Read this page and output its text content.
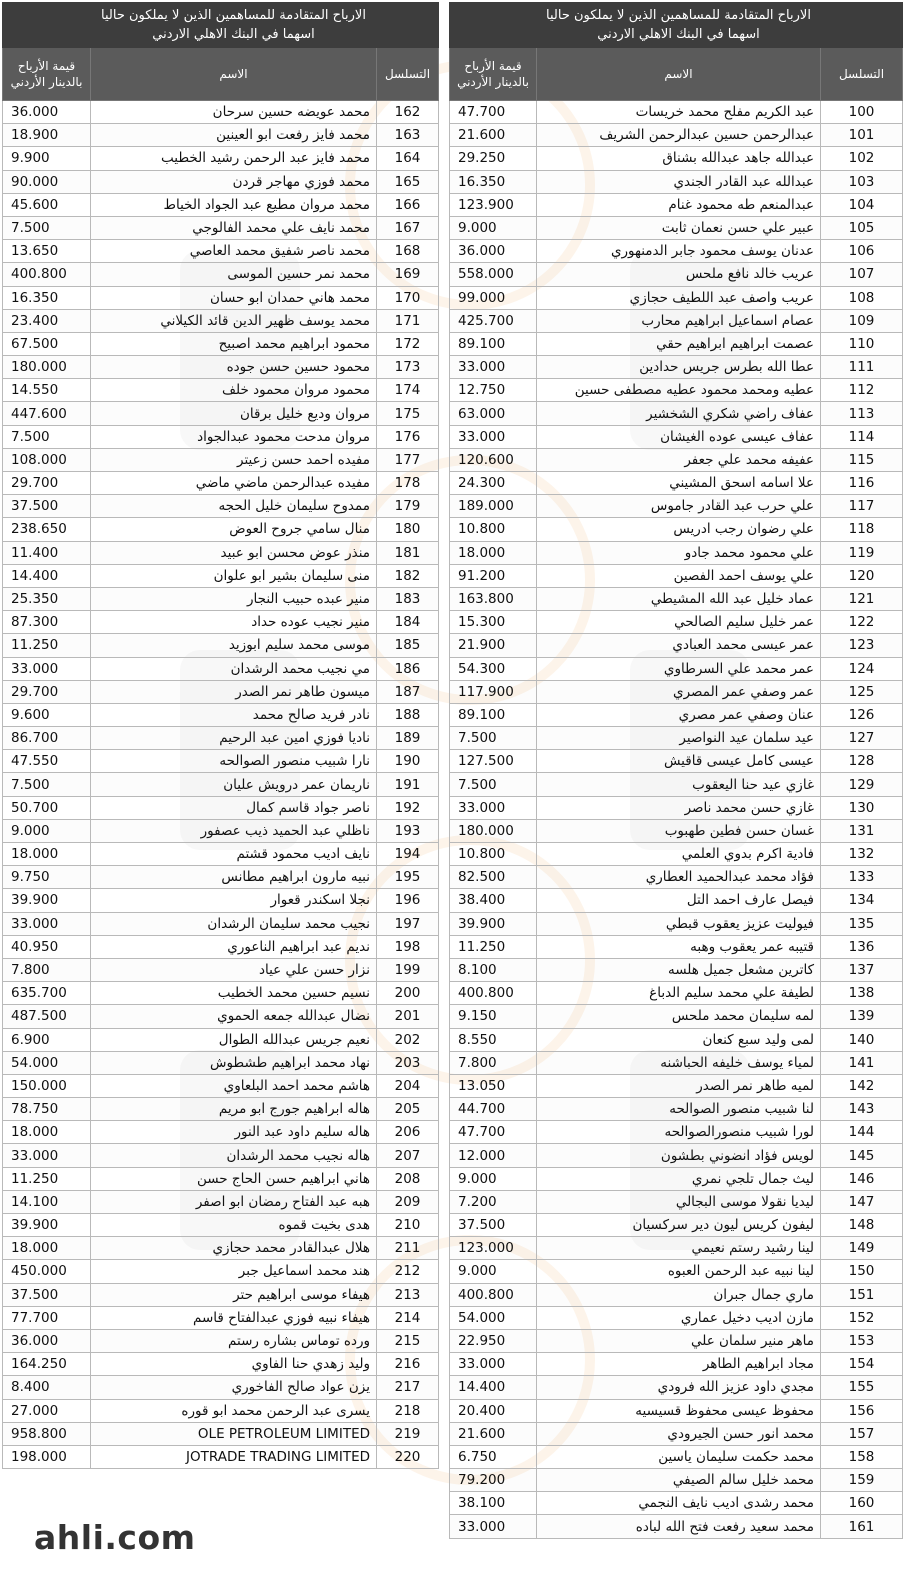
	الارباح المتقادمة للمساهمين الذين لا يملكون حاليا اسهما في البنك الاهلي الاردني	
التسلسل	الاسم	قيمة الأرباح بالدينار الأردني
100	عبد الكريم مفلح محمد خريسات	47.700
101	عبدالرحمن حسين عبدالرحمن الشريف	21.600
102	عبدالله جاهد عبدالله بشناق	29.250
103	عبدالله عبد القادر الجندي	16.350
104	عبدالمنعم طه محمود غنام	123.900
105	عبير علي حسن نعمان ثابت	9.000
106	عدنان يوسف محمود جابر الدمنهوري	36.000
107	عريب خالد نافع ملحس	558.000
108	عريب واصف عبد اللطيف حجازي	99.000
109	عصام اسماعيل ابراهيم محارب	425.700
110	عصمت ابراهيم ابراهيم حقي	89.100
111	عطا الله بطرس جريس حدادين	33.000
112	عطيه ومحمد محمود عطيه مصطفى حسين	12.750
113	عفاف راضي شكري الشخشير	63.000
114	عفاف عيسى عوده الغيشان	33.000
115	عفيفه محمد علي جعفر	120.600
116	علا اسامه اسحق المشيني	24.300
117	علي حرب عبد القادر جاموس	189.000
118	علي رضوان رجب ادريس	10.800
119	علي محمود محمد جادو	18.000
120	علي يوسف احمد الفصين	91.200
121	عماد خليل عبد الله المشيطي	163.800
122	عمر خليل سليم الصالحي	15.300
123	عمر عيسى محمد العبادي	21.900
124	عمر محمد علي السرطاوي	54.300
125	عمر وصفي عمر المصري	117.900
126	عنان وصفي عمر مصري	89.100
127	عيد سلمان عيد النواصير	7.500
128	عيسى كامل عيسى قاقيش	127.500
129	غازي عيد حنا اليعقوب	7.500
130	غازي حسن محمد ناصر	33.000
131	غسان حسن فطين طهبوب	180.000
132	فادية اكرم بدوي العلمي	10.800
133	فؤاد محمد عبدالحميد العطاري	82.500
134	فيصل عارف احمد التل	38.400
135	فيوليت عزيز يعقوب قبطي	39.900
136	قتيبه عمر يعقوب وهبه	11.250
137	كاترين مشعل جميل هلسه	8.100
138	لطيفة علي محمد سليم الدباغ	400.800
139	لمه سليمان محمد ملحس	9.150
140	لمى وليد سبع كنعان	8.550
141	لمياء يوسف خليفه الحباشنه	7.800
142	لميه طاهر نمر الصدر	13.050
143	لنا شبيب منصور الصوالحه	44.700
144	لورا شبيب منصورالصوالحه	47.700
145	لويس فؤاد انضوني بطشون	12.000
146	ليث جمال تلجي نمري	9.000
147	ليديا نقولا موسى البجالي	7.200
148	ليفون كريس ليون دير سركسيان	37.500
149	لينا رشيد رستم نعيمي	123.000
150	لينا نبيه عبد الرحمن العبوه	9.000
151	ماري جمال جبران	400.800
152	مازن اديب دخيل عماري	54.000
153	ماهر منير سلمان علي	22.950
154	مجاد ابراهيم الطاهر	33.000
155	مجدي داود عزيز الله فرودي	14.400
156	محفوظ عيسى محفوظ قسيسيه	20.400
157	محمد انور حسن الجيرودي	21.600
158	محمد حكمت سليمان ياسين	6.750
159	محمد خليل سالم الصيفي	79.200
160	محمد رشدى اديب نايف النجمي	38.100
161	محمد سعيد رفعت فتح الله لباده	33.000
	الارباح المتقادمة للمساهمين الذين لا يملكون حاليا اسهما في البنك الاهلي الاردني	
التسلسل	الاسم	قيمة الأرباح بالدينار الأردني
162	محمد عويضه حسين سرحان	36.000
163	محمد فايز رفعت ابو العينين	18.900
164	محمد فايز عبد الرحمن رشيد الخطيب	9.900
165	محمد فوزي مهاجر قردن	90.000
166	محمد مروان مطيع عبد الجواد الخياط	45.600
167	محمد نايف علي محمد الفالوجي	7.500
168	محمد ناصر شفيق محمد العاصي	13.650
169	محمد نمر حسين الموسى	400.800
170	محمد هاني حمدان ابو حسان	16.350
171	محمد يوسف ظهير الدين قائد الكيلاني	23.400
172	محمود ابراهيم محمد اصبيح	67.500
173	محمود حسين حسن جوده	180.000
174	محمود مروان محمود خلف	14.550
175	مروان وديع خليل برقان	447.600
176	مروان مدحت محمود عبدالجواد	7.500
177	مفيده احمد حسن زعيتر	108.000
178	مفيده عبدالرحمن ماضي ماضي	29.700
179	ممدوح سليمان خليل الحجه	37.500
180	منال سامي جروح العوض	238.650
181	منذر عوض محسن ابو عبيد	11.400
182	منى سليمان بشير ابو علوان	14.400
183	منير عبده حبيب النجار	25.350
184	منير نجيب عوده حداد	87.300
185	موسى محمد سليم ابوزيد	11.250
186	مي نجيب محمد الرشدان	33.000
187	ميسون طاهر نمر الصدر	29.700
188	نادر فريد صالح محمد	9.600
189	ناديا فوزي امين عبد الرحيم	86.700
190	نارا شبيب منصور الصوالحه	47.550
191	ناريمان عمر درويش عليان	7.500
192	ناصر جواد قاسم كمال	50.700
193	ناظلي عبد الحميد ذيب عصفور	9.000
194	نايف اديب محمود قشتم	18.000
195	نبيه مارون ابراهيم مطانس	9.750
196	نجلا اسكندر قعوار	39.900
197	نجيب محمد سليمان الرشدان	33.000
198	نديم عبد ابراهيم الناعوري	40.950
199	نزار حسن علي عياد	7.800
200	نسيم حسين محمد الخطيب	635.700
201	نضال عبدالله جمعه الحموي	487.500
202	نعيم جريس عبدالله الطوال	6.900
203	نهاد محمد ابراهيم طشطوش	54.000
204	هاشم محمد احمد البلعاوي	150.000
205	هاله ابراهيم جورج ابو مريم	78.750
206	هاله سليم داود عبد النور	18.000
207	هاله نجيب محمد الرشدان	33.000
208	هاني ابراهيم حسن الحاج حسن	11.250
209	هبه عبد الفتاح رمضان ابو اصفر	14.100
210	هدى بخيت قموه	39.900
211	هلال عبدالقادر محمد حجازي	18.000
212	هند محمد اسماعيل جبر	450.000
213	هيفاء موسى ابراهيم حتر	37.500
214	هيفاء نبيه فوزي عبدالفتاح قاسم	77.700
215	ورده توماس بشاره رستم	36.000
216	وليد زهدي حنا الفاوي	164.250
217	يزن عواد صالح الفاخوري	8.400
218	يسرى عبد الرحمن محمد ابو قوره	27.000
219	OLE PETROLEUM LIMITED	958.800
220	JOTRADE TRADING LIMITED	198.000
ahli.com
